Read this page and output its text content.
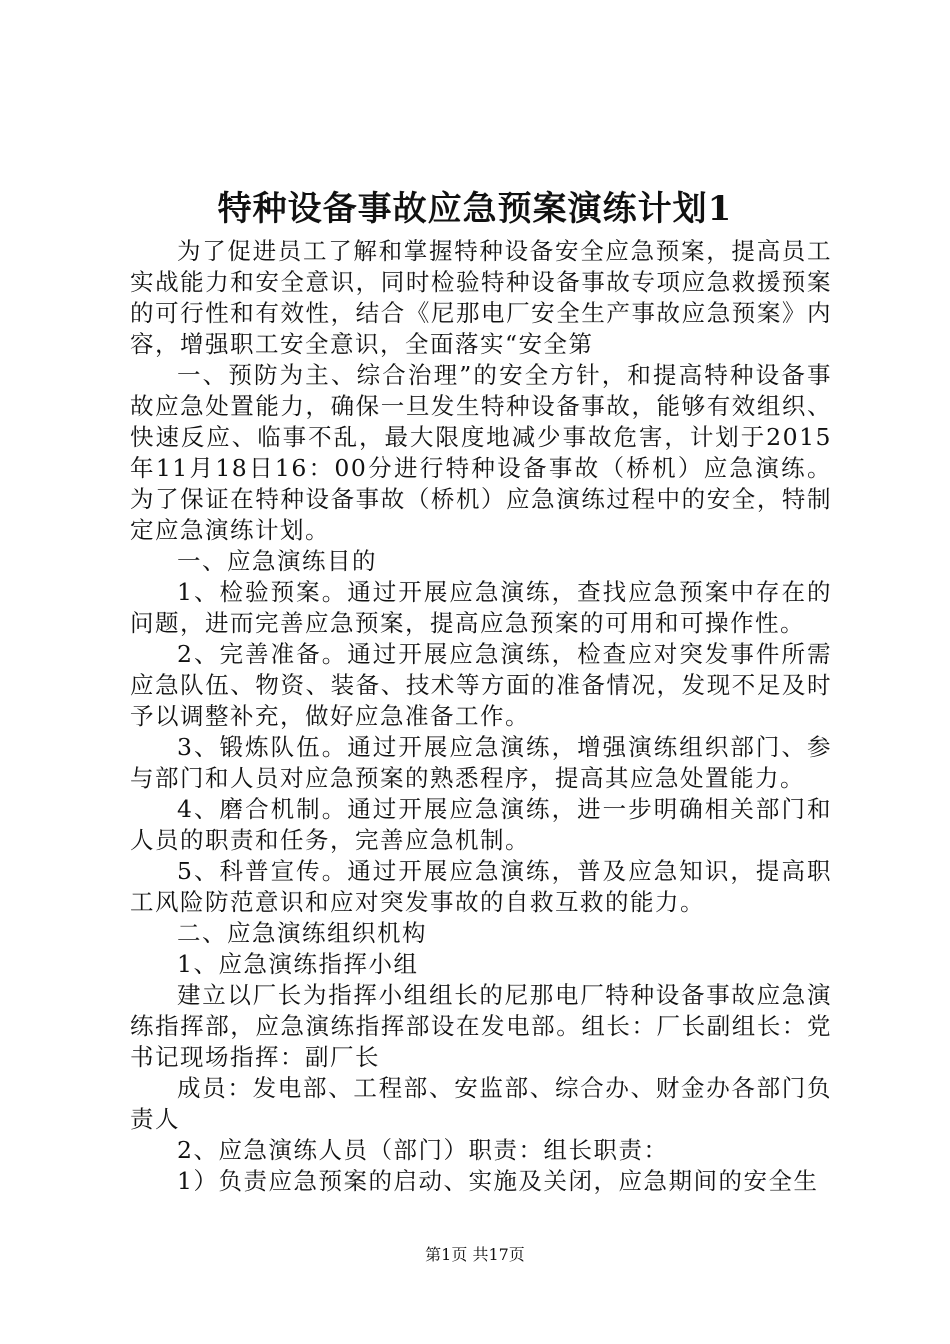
特种设备事故应急预案演练计划1

为了促进员工了解和掌握特种设备安全应急预案，提高员工实战能力和安全意识，同时检验特种设备事故专项应急救援预案的可行性和有效性，结合《尼那电厂安全生产事故应急预案》内容，增强职工安全意识，全面落实“安全第

一、预防为主、综合治理”的安全方针，和提高特种设备事故应急处置能力，确保一旦发生特种设备事故，能够有效组织、快速反应、临事不乱，最大限度地减少事故危害，计划于2015年11月18日16：00分进行特种设备事故（桥机）应急演练。为了保证在特种设备事故（桥机）应急演练过程中的安全，特制定应急演练计划。

一、应急演练目的

1、检验预案。通过开展应急演练，查找应急预案中存在的问题，进而完善应急预案，提高应急预案的可用和可操作性。

2、完善准备。通过开展应急演练，检查应对突发事件所需应急队伍、物资、装备、技术等方面的准备情况，发现不足及时予以调整补充，做好应急准备工作。

3、锻炼队伍。通过开展应急演练，增强演练组织部门、参与部门和人员对应急预案的熟悉程序，提高其应急处置能力。

4、磨合机制。通过开展应急演练，进一步明确相关部门和人员的职责和任务，完善应急机制。

5、科普宣传。通过开展应急演练，普及应急知识，提高职工风险防范意识和应对突发事故的自救互救的能力。

二、应急演练组织机构

1、应急演练指挥小组

建立以厂长为指挥小组组长的尼那电厂特种设备事故应急演练指挥部，应急演练指挥部设在发电部。组长：厂长副组长：党书记现场指挥：副厂长

成员：发电部、工程部、安监部、综合办、财金办各部门负责人

2、应急演练人员（部门）职责：组长职责：

1）负责应急预案的启动、实施及关闭，应急期间的安全生

第1页 共17页
